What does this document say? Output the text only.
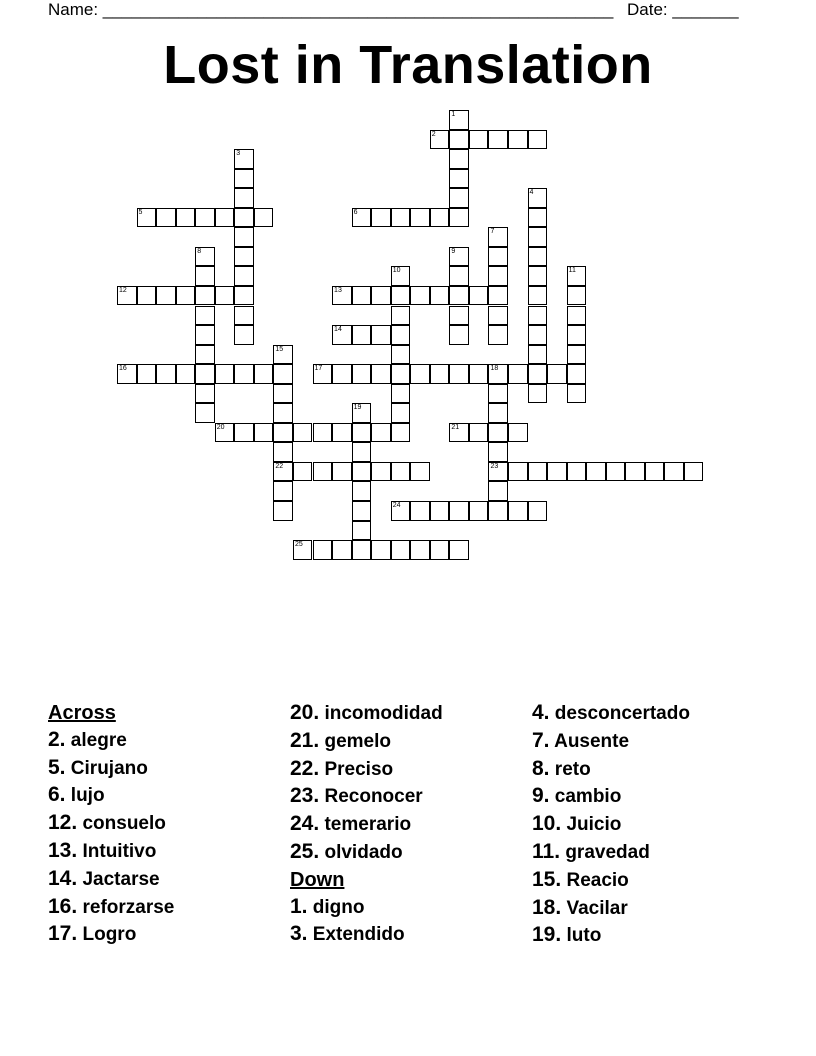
Name: ______________________________________________________ Date: _______
Lost in Translation
1
2
3
4
5	6
7
8	9
10	11
12	13
14
15
22
16	17	18
23
19
20	21
24
25
Across
2. alegre
5. Cirujano
6. lujo
12. consuelo
13. Intuitivo
14. Jactarse
16. reforzarse
17. Logro
20. incomodidad
21. gemelo
22. Preciso
23. Reconocer
24. temerario
25. olvidado
Down
1. digno
3. Extendido
4. desconcertado
7. Ausente
8. reto
9. cambio
10. Juicio
11. gravedad
15. Reacio
18. Vacilar
19. luto
